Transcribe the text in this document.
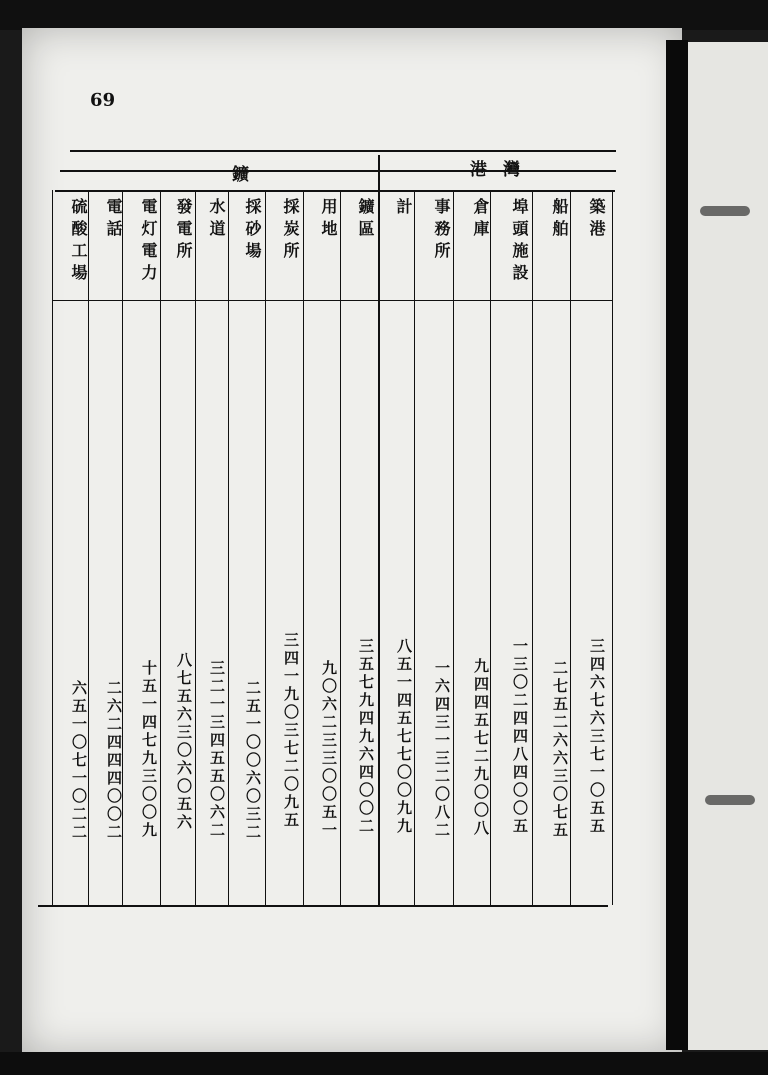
69
港灣
鑛
築港
三四六七六三七一〇五五
船舶
二七五二六六三〇七五
埠頭施設
一三〇二四四八四〇〇五
倉庫
九四四五七二九〇〇八
事務所
一六四三一三二〇八二
計
八五一四五七七〇〇九九
鑛區
三五七九四九六四〇〇二
用地
九〇六二三三〇〇五一
採炭所
三四一九〇三七二〇九五
採砂場
二五一〇〇六〇三二
水道
三二一三四五五〇六二
發電所
八七五六三〇六〇五六
電灯電力
十五一四七九三〇〇九
電話
二六二四四四〇〇二
硫酸工場
六五一〇七一〇二二
